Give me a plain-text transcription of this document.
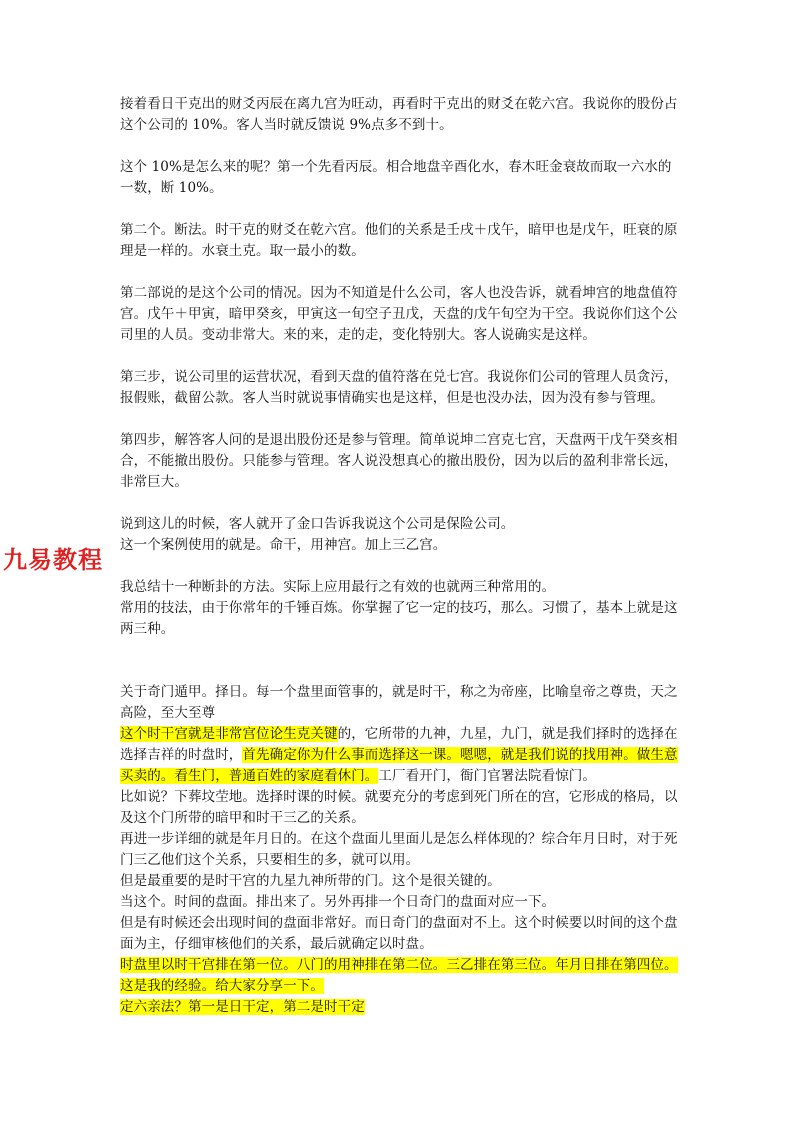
九易教程

接着看日干克出的财爻丙辰在离九宫为旺动，再看时干克出的财爻在乾六宫。我说你的股份占这个公司的 10%。客人当时就反馈说 9%点多不到十。

这个 10%是怎么来的呢？第一个先看丙辰。相合地盘辛酉化水，春木旺金衰故而取一六水的一数，断 10%。

第二个。断法。时干克的财爻在乾六宫。他们的关系是壬戌＋戊午，暗甲也是戊午，旺衰的原理是一样的。水衰土克。取一最小的数。

第二部说的是这个公司的情况。因为不知道是什么公司，客人也没告诉，就看坤宫的地盘值符宫。戊午＋甲寅，暗甲癸亥，甲寅这一旬空子丑戊，天盘的戊午旬空为干空。我说你们这个公司里的人员。变动非常大。来的来，走的走，变化特别大。客人说确实是这样。

第三步，说公司里的运营状况，看到天盘的值符落在兑七宫。我说你们公司的管理人员贪污，报假账，截留公款。客人当时就说事情确实也是这样，但是也没办法，因为没有参与管理。

第四步，解答客人问的是退出股份还是参与管理。简单说坤二宫克七宫，天盘两干戊午癸亥相合，不能撤出股份。只能参与管理。客人说没想真心的撤出股份，因为以后的盈利非常长远，非常巨大。

说到这儿的时候，客人就开了金口告诉我说这个公司是保险公司。

这一个案例使用的就是。命干，用神宫。加上三乙宫。

我总结十一种断卦的方法。实际上应用最行之有效的也就两三种常用的。

常用的技法，由于你常年的千锤百炼。你掌握了它一定的技巧，那么。习惯了，基本上就是这两三种。

关于奇门遁甲。择日。每一个盘里面管事的，就是时干，称之为帝座，比喻皇帝之尊贵，天之高险，至大至尊

这个时干宫就是非常宫位论生克关键的，它所带的九神，九星，九门，就是我们择时的选择在选择吉祥的时盘时，首先确定你为什么事而选择这一课。嗯嗯，就是我们说的找用神。做生意买卖的。看生门，普通百姓的家庭看休门。工厂看开门，衙门官署法院看惊门。

比如说？下葬坟茔地。选择时课的时候。就要充分的考虑到死门所在的宫，它形成的格局，以及这个门所带的暗甲和时干三乙的关系。

再进一步详细的就是年月日的。在这个盘面儿里面儿是怎么样体现的？综合年月日时，对于死门三乙他们这个关系，只要相生的多，就可以用。

但是最重要的是时干宫的九星九神所带的门。这个是很关键的。

当这个。时间的盘面。排出来了。另外再排一个日奇门的盘面对应一下。

但是有时候还会出现时间的盘面非常好。而日奇门的盘面对不上。这个时候要以时间的这个盘面为主，仔细审核他们的关系，最后就确定以时盘。

时盘里以时干宫排在第一位。八门的用神排在第二位。三乙排在第三位。年月日排在第四位。这是我的经验。给大家分享一下。

定六亲法？第一是日干定，第二是时干定
